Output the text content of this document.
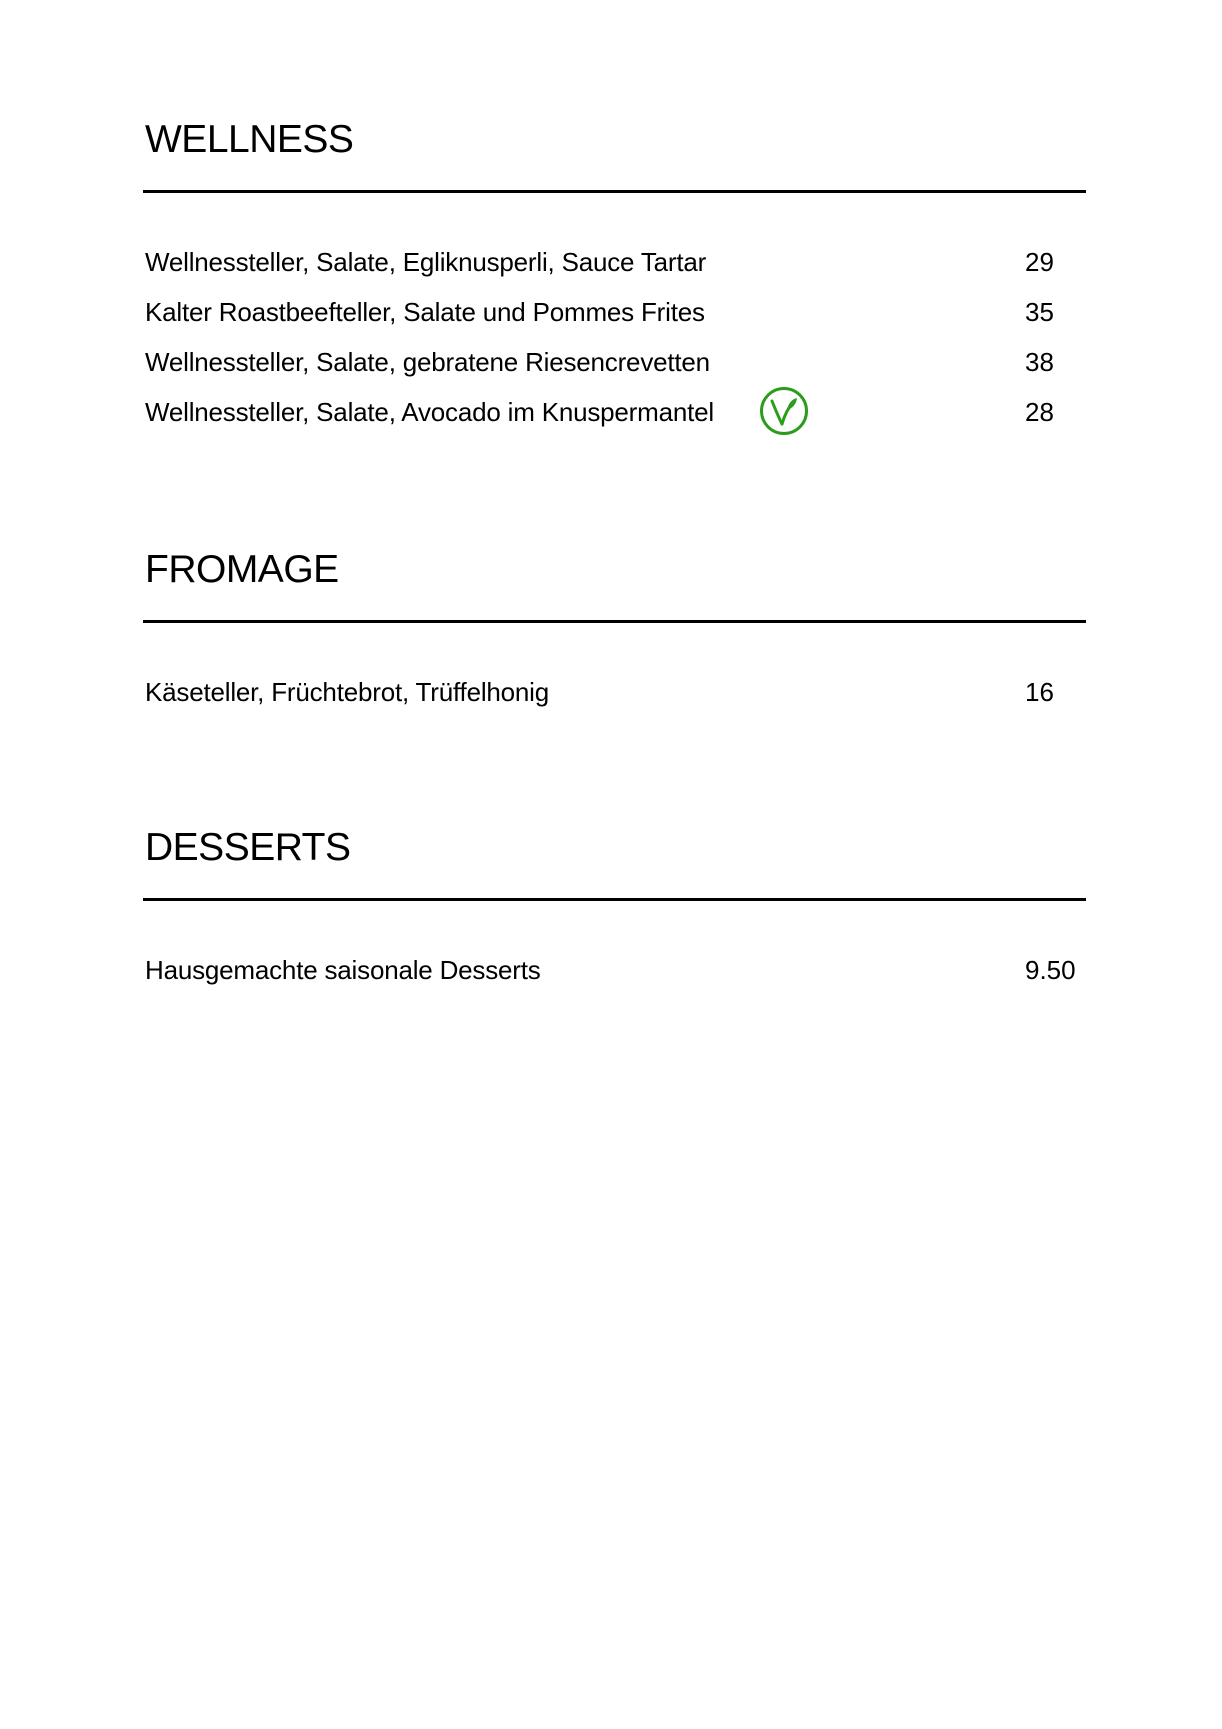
WELLNESS
Wellnessteller, Salate, Egliknusperli, Sauce Tartar	29
Kalter Roastbeefteller, Salate und Pommes Frites	35
Wellnessteller, Salate, gebratene Riesencrevetten	38
Wellnessteller, Salate, Avocado im Knuspermantel	28
FROMAGE
Käseteller, Früchtebrot, Trüffelhonig	16
DESSERTS
Hausgemachte saisonale Desserts	9.50
